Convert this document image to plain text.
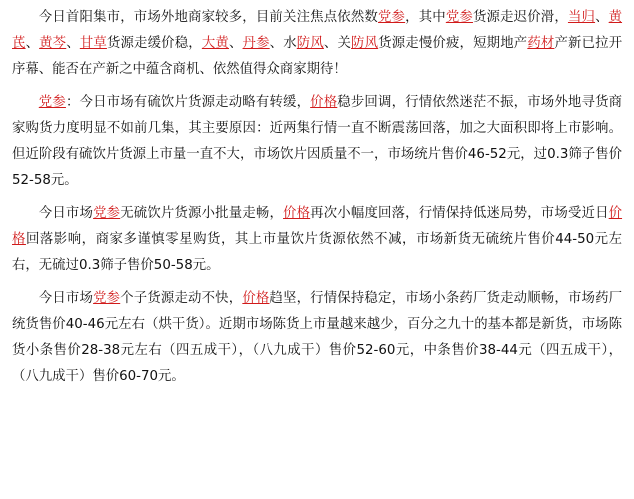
今日首阳集市，市场外地商家较多，目前关注焦点依然数党参，其中党参货源走迟价滑，当归、黄芪、黄芩、甘草货源走缓价稳，大黄、丹参、水防风、关防风货源走慢价疲，短期地产药材产新已拉开序幕、能否在产新之中蕴含商机、依然值得众商家期待！

党参：今日市场有硫饮片货源走动略有转缓，价格稳步回调，行情依然迷茫不振，市场外地寻货商家购货力度明显不如前几集，其主要原因：近两集行情一直不断震荡回落，加之大面积即将上市影响。但近阶段有硫饮片货源上市量一直不大，市场饮片因质量不一，市场统片售价46-52元，过0.3筛子售价52-58元。

今日市场党参无硫饮片货源小批量走畅，价格再次小幅度回落，行情保持低迷局势，市场受近日价格回落影响，商家多谨慎零星购货，其上市量饮片货源依然不减，市场新货无硫统片售价44-50元左右，无硫过0.3筛子售价50-58元。

今日市场党参个子货源走动不快，价格趋坚，行情保持稳定，市场小条药厂货走动顺畅，市场药厂统货售价40-46元左右（烘干货）。近期市场陈货上市量越来越少，百分之九十的基本都是新货，市场陈货小条售价28-38元左右（四五成干），（八九成干）售价52-60元，中条售价38-44元（四五成干），（八九成干）售价60-70元。
